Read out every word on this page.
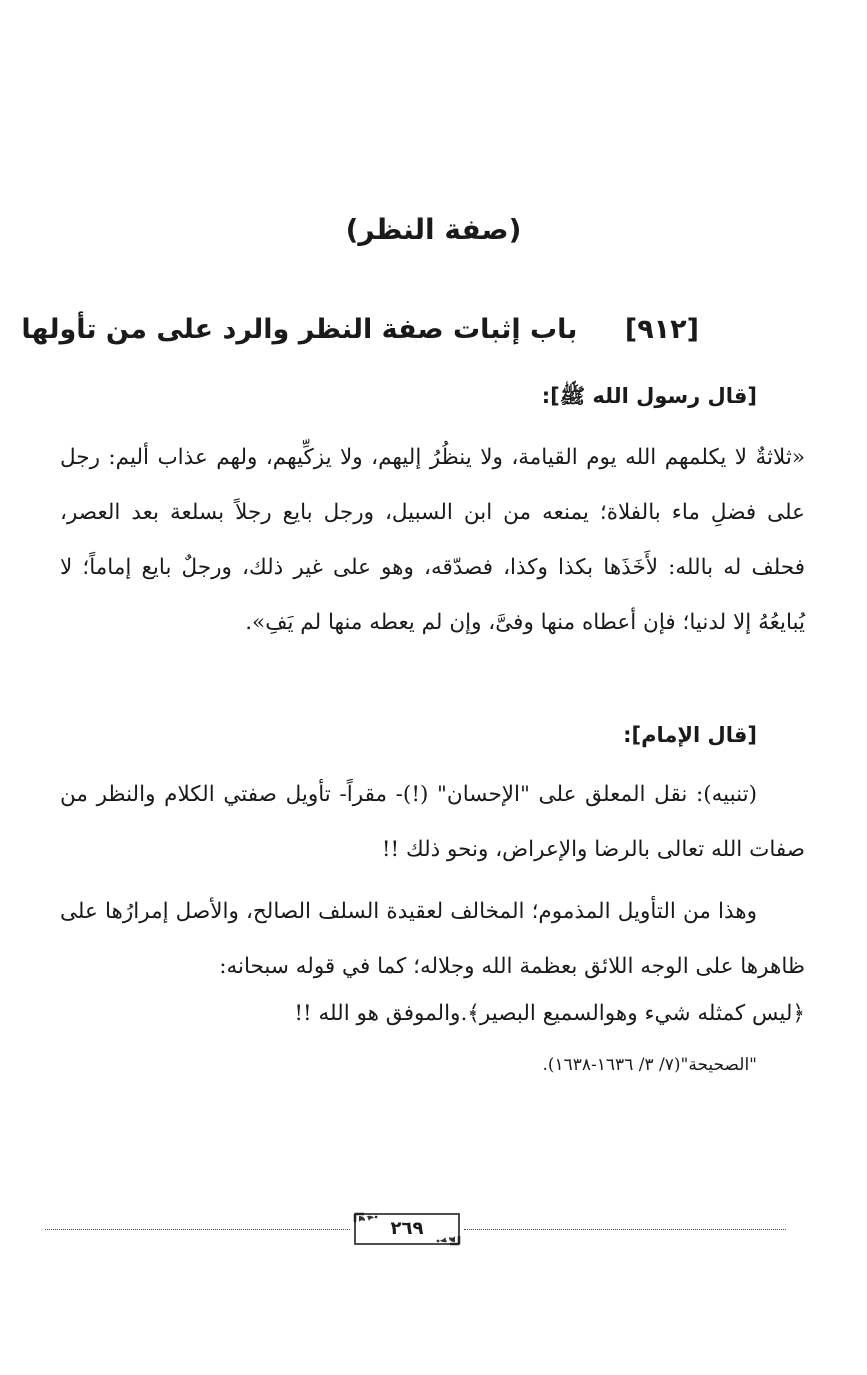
(صفة النظر)
[٩١٢] باب إثبات صفة النظر والرد على من تأولها
[قال رسول الله ﷺ]:
«ثلاثةٌ لا يكلمهم الله يوم القيامة، ولا ينظُرُ إليهم، ولا يزكِّيهم، ولهم عذاب أليم: رجل على فضلِ ماء بالفلاة؛ يمنعه من ابن السبيل، ورجل بايع رجلاً بسلعة بعد العصر، فحلف له بالله: لأَخَذَها بكذا وكذا، فصدّقه، وهو على غير ذلك، ورجلٌ بايع إماماً؛ لا يُبايعُهُ إلا لدنيا؛ فإن أعطاه منها وفىَّ، وإن لم يعطه منها لم يَفِ».
[قال الإمام]:
(تنبيه): نقل المعلق على "الإحسان" (!)- مقراً- تأويل صفتي الكلام والنظر من صفات الله تعالى بالرضا والإعراض، ونحو ذلك !!
وهذا من التأويل المذموم؛ المخالف لعقيدة السلف الصالح، والأصل إمرارُها على ظاهرها على الوجه اللائق بعظمة الله وجلاله؛ كما في قوله سبحانه:
﴿ليس كمثله شيء وهوالسميع البصير﴾.والموفق هو الله !!
"الصحيحة"(٧/ ٣/ ١٦٣٦-١٦٣٨).
٢٦٩
